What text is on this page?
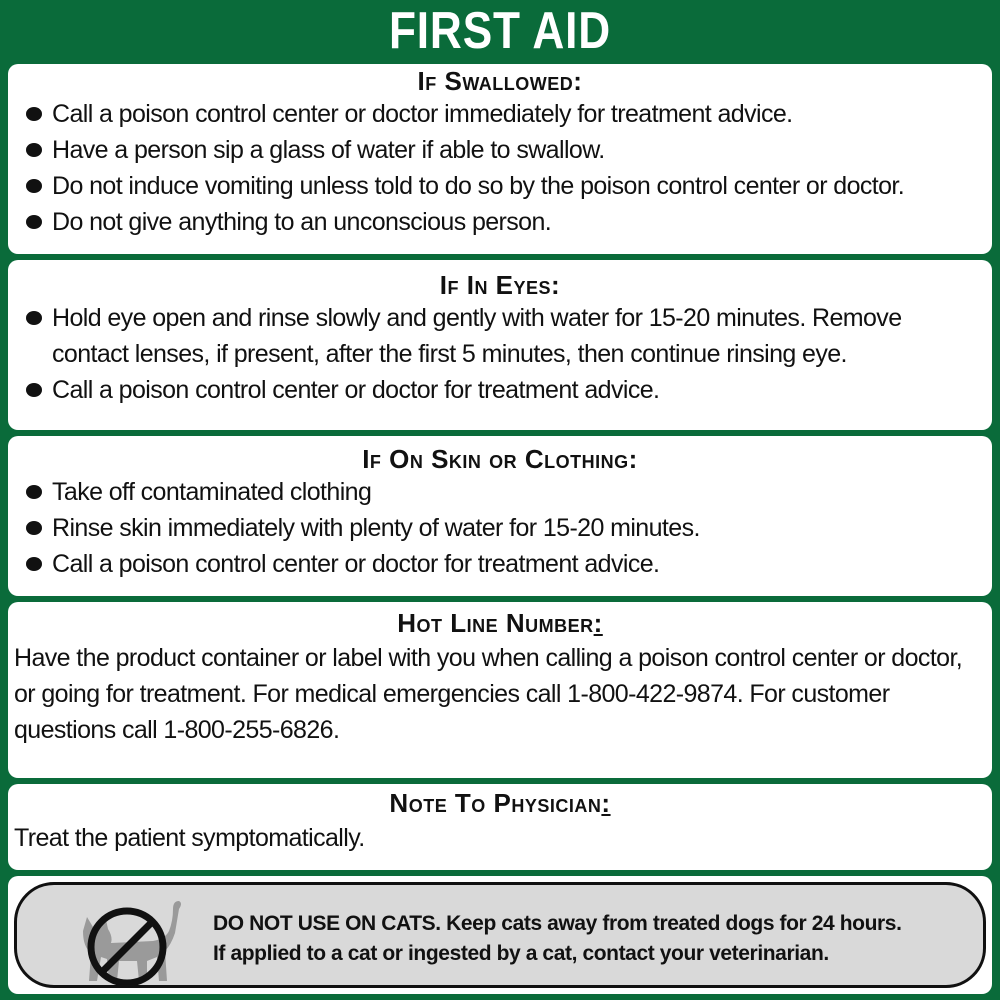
FIRST AID
If Swallowed:
Call a poison control center or doctor immediately for treatment advice.
Have a person sip a glass of water if able to swallow.
Do not induce vomiting unless told to do so by the poison control center or doctor.
Do not give anything to an unconscious person.
If In Eyes:
Hold eye open and rinse slowly and gently with water for 15-20 minutes. Remove contact lenses, if present, after the first 5 minutes, then continue rinsing eye.
Call a poison control center or doctor for treatment advice.
If On Skin or Clothing:
Take off contaminated clothing
Rinse skin immediately with plenty of water for 15-20 minutes.
Call a poison control center or doctor for treatment advice.
Hot Line Number:
Have the product container or label with you when calling a poison control center or doctor, or going for treatment. For medical emergencies call 1-800-422-9874. For customer questions call 1-800-255-6826.
Note To Physician:
Treat the patient symptomatically.
DO NOT USE ON CATS. Keep cats away from treated dogs for 24 hours. If applied to a cat or ingested by a cat, contact your veterinarian.
